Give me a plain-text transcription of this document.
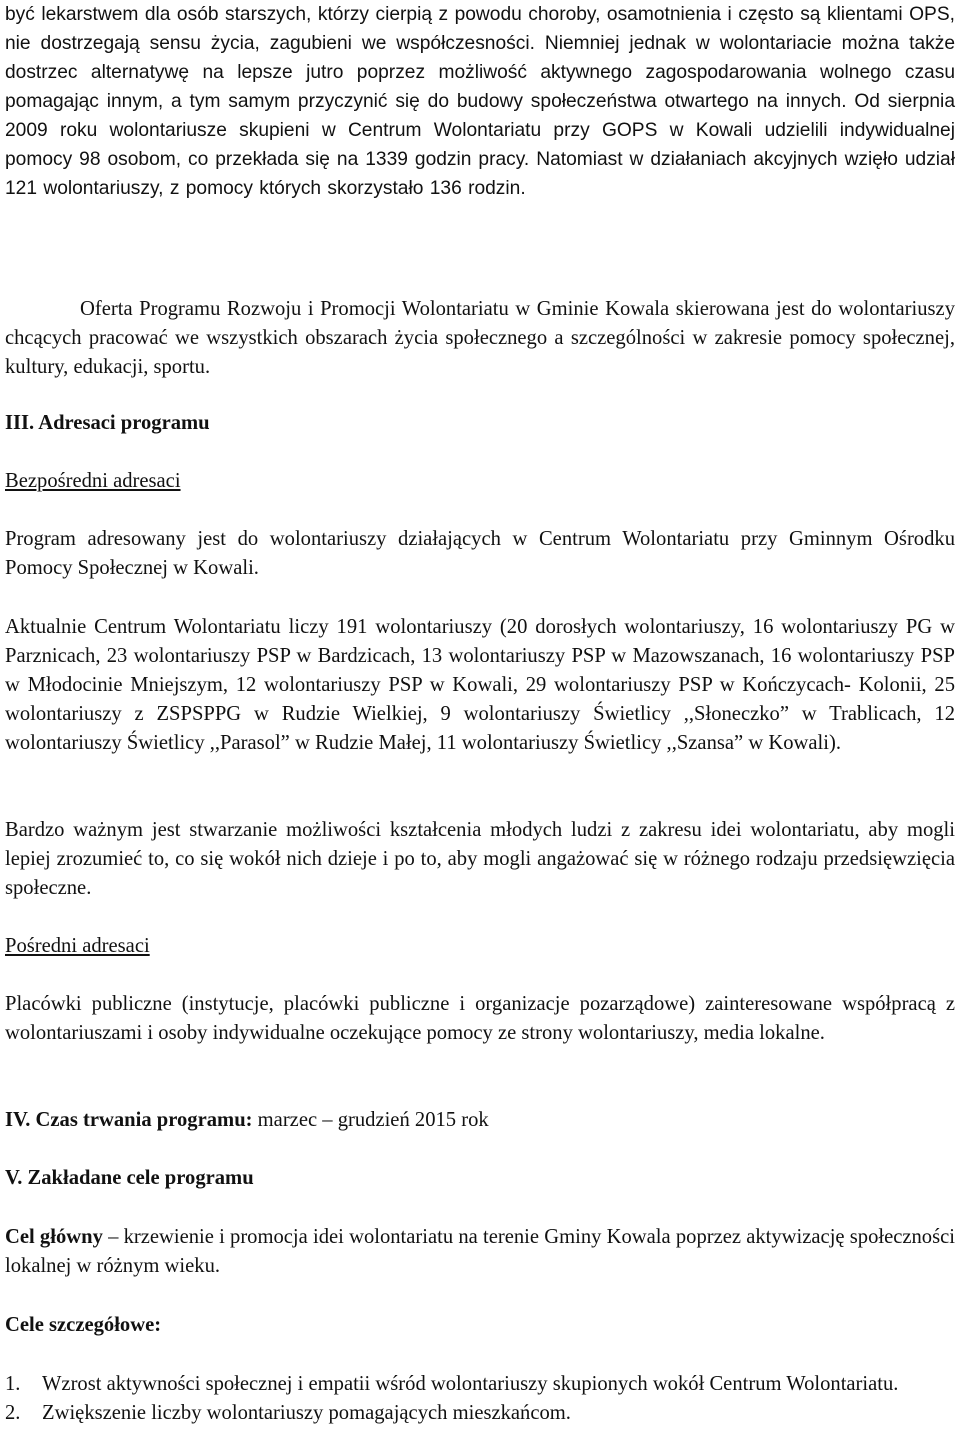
być lekarstwem dla osób starszych, którzy cierpią z powodu choroby, osamotnienia i często są klientami OPS, nie dostrzegają sensu życia, zagubieni we współczesności. Niemniej jednak w wolontariacie można także dostrzec alternatywę na lepsze jutro poprzez możliwość aktywnego zagospodarowania wolnego czasu pomagając innym, a tym samym przyczynić się do budowy społeczeństwa otwartego na innych. Od sierpnia 2009 roku wolontariusze skupieni w Centrum Wolontariatu przy GOPS w Kowali udzielili indywidualnej pomocy 98 osobom, co przekłada się na 1339 godzin pracy. Natomiast w działaniach akcyjnych wzięło udział 121 wolontariuszy, z pomocy których skorzystało 136 rodzin.

Oferta Programu Rozwoju i Promocji Wolontariatu w Gminie Kowala skierowana jest do wolontariuszy chcących pracować we wszystkich obszarach życia społecznego a szczególności w zakresie pomocy społecznej, kultury, edukacji, sportu.

III. Adresaci programu

Bezpośredni adresaci

Program adresowany jest do wolontariuszy działających w Centrum Wolontariatu przy Gminnym Ośrodku Pomocy Społecznej w Kowali.

Aktualnie Centrum Wolontariatu liczy 191 wolontariuszy (20 dorosłych wolontariuszy, 16 wolontariuszy PG w Parznicach, 23 wolontariuszy PSP w Bardzicach, 13 wolontariuszy PSP w Mazowszanach, 16 wolontariuszy PSP w Młodocinie Mniejszym, 12 wolontariuszy PSP w Kowali, 29 wolontariuszy PSP w Kończycach- Kolonii, 25 wolontariuszy z ZSPSPPG w Rudzie Wielkiej, 9 wolontariuszy Świetlicy ,,Słoneczko” w Trablicach, 12 wolontariuszy Świetlicy ,,Parasol” w Rudzie Małej, 11 wolontariuszy Świetlicy ,,Szansa” w Kowali).

Bardzo ważnym jest stwarzanie możliwości kształcenia młodych ludzi z zakresu idei wolontariatu, aby mogli lepiej zrozumieć to, co się wokół nich dzieje i po to, aby mogli angażować się w różnego rodzaju przedsięwzięcia społeczne.

Pośredni adresaci

Placówki publiczne (instytucje, placówki publiczne i organizacje pozarządowe) zainteresowane współpracą z wolontariuszami i osoby indywidualne oczekujące pomocy ze strony wolontariuszy, media lokalne.

IV. Czas trwania programu: marzec – grudzień 2015 rok

V. Zakładane cele programu

Cel główny – krzewienie i promocja idei wolontariatu na terenie Gminy Kowala poprzez aktywizację społeczności lokalnej w różnym wieku.

Cele szczegółowe:

1. Wzrost aktywności społecznej i empatii wśród wolontariuszy skupionych wokół Centrum Wolontariatu.
2. Zwiększenie liczby wolontariuszy pomagających mieszkańcom.
